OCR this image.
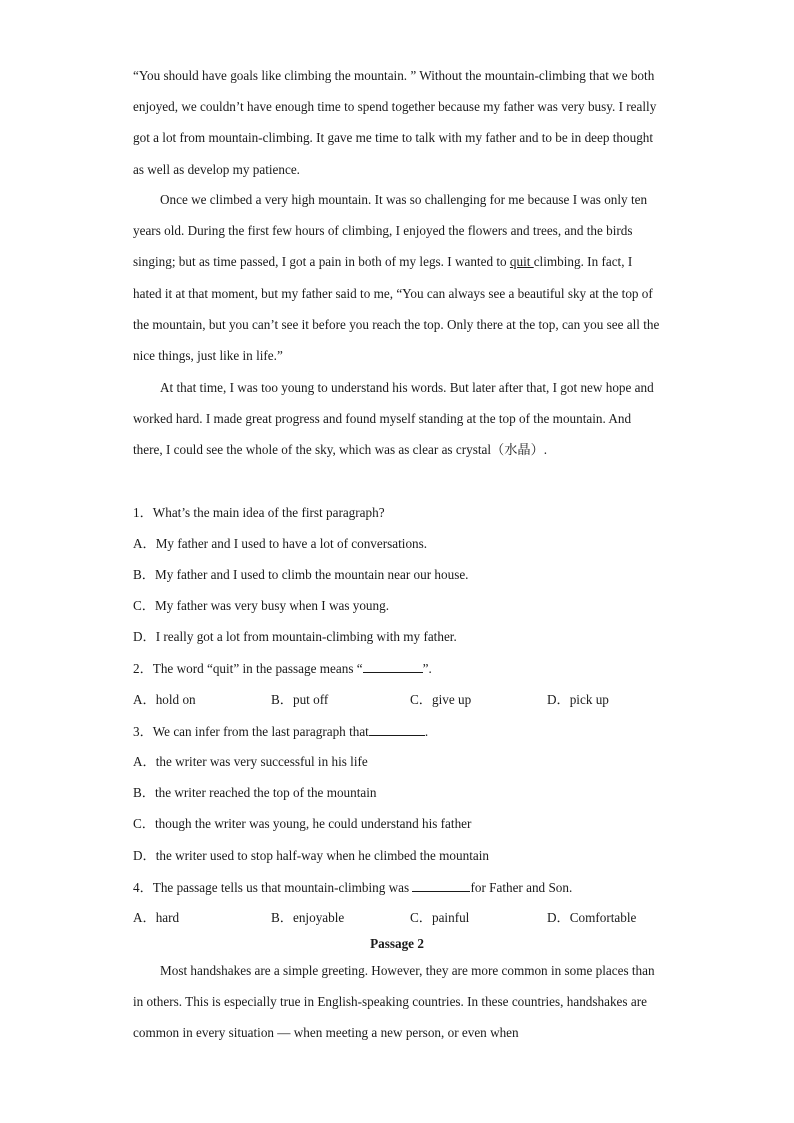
“You should have goals like climbing the mountain. ” Without the mountain-climbing that we both enjoyed, we couldn’t have enough time to spend together because my father was very busy. I really got a lot from mountain-climbing. It gave me time to talk with my father and to be in deep thought as well as develop my patience.

Once we climbed a very high mountain. It was so challenging for me because I was only ten years old. During the first few hours of climbing, I enjoyed the flowers and trees, and the birds singing; but as time passed, I got a pain in both of my legs. I wanted to quit climbing. In fact, I hated it at that moment, but my father said to me, “You can always see a beautiful sky at the top of the mountain, but you can’t see it before you reach the top. Only there at the top, can you see all the nice things, just like in life.”

At that time, I was too young to understand his words. But later after that, I got new hope and worked hard. I made great progress and found myself standing at the top of the mountain. And there, I could see the whole of the sky, which was as clear as crystal（水晶）.

1．What’s the main idea of the first paragraph?
A．My father and I used to have a lot of conversations.
B．My father and I used to climb the mountain near our house.
C．My father was very busy when I was young.
D．I really got a lot from mountain-climbing with my father.
2．The word “quit” in the passage means “	”.
A．hold on	B．put off	C．give up	D．pick up
3．We can infer from the last paragraph that	.
A．the writer was very successful in his life
B．the writer reached the top of the mountain
C．though the writer was young, he could understand his father
D．the writer used to stop half-way when he climbed the mountain
4．The passage tells us that mountain-climbing was	for Father and Son.
A．hard	B．enjoyable	C．painful	D．Comfortable
Passage 2

Most handshakes are a simple greeting. However, they are more common in some places than in others. This is especially true in English-speaking countries. In these countries, handshakes are common in every situation — when meeting a new person, or even when
